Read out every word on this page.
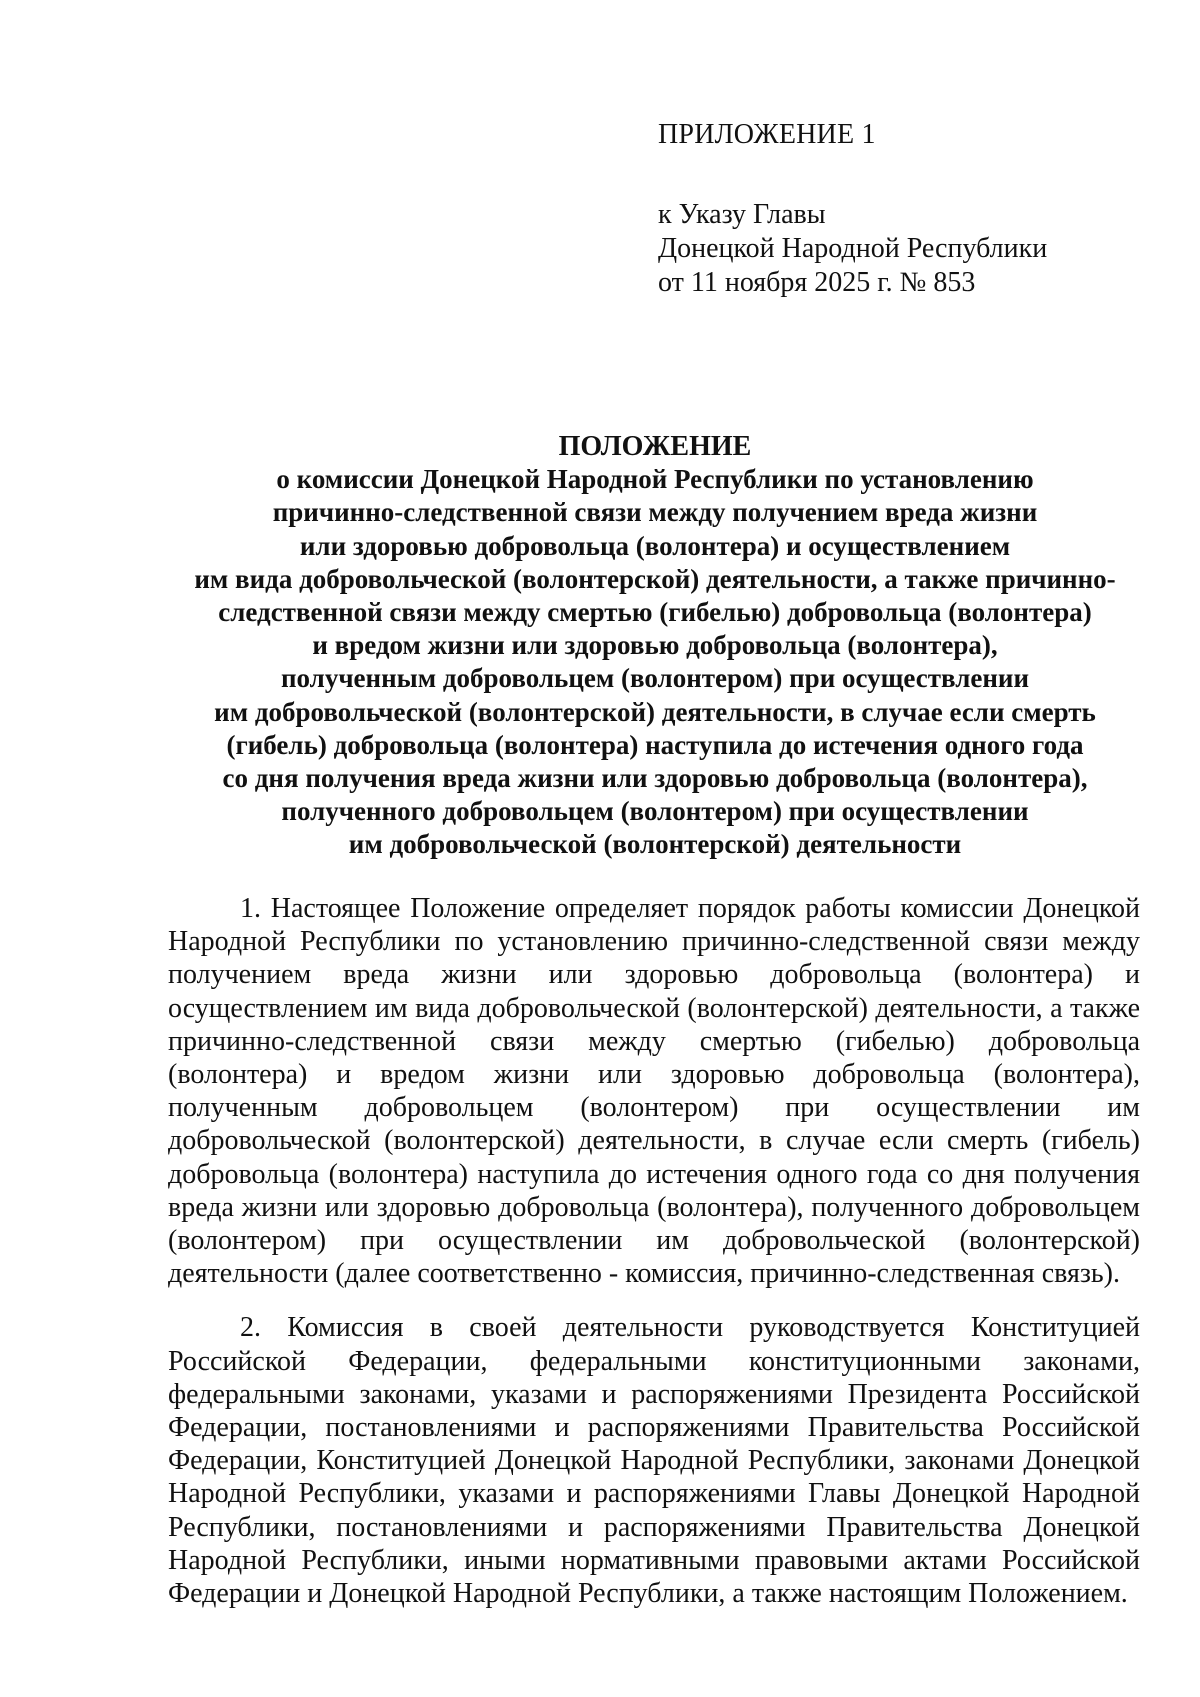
ПРИЛОЖЕНИЕ 1
к Указу Главы
Донецкой Народной Республики
от 11 ноября 2025 г. № 853
ПОЛОЖЕНИЕ
о комиссии Донецкой Народной Республики по установлению
причинно-следственной связи между получением вреда жизни
или здоровью добровольца (волонтера) и осуществлением
им вида добровольческой (волонтерской) деятельности, а также причинно-
следственной связи между смертью (гибелью) добровольца (волонтера)
и вредом жизни или здоровью добровольца (волонтера),
полученным добровольцем (волонтером) при осуществлении
им добровольческой (волонтерской) деятельности, в случае если смерть
(гибель) добровольца (волонтера) наступила до истечения одного года
со дня получения вреда жизни или здоровью добровольца (волонтера),
полученного добровольцем (волонтером) при осуществлении
им добровольческой (волонтерской) деятельности

1. Настоящее Положение определяет порядок работы комиссии Донецкой Народной Республики по установлению причинно-следственной связи между получением вреда жизни или здоровью добровольца (волонтера) и осуществлением им вида добровольческой (волонтерской) деятельности, а также причинно-следственной связи между смертью (гибелью) добровольца (волонтера) и вредом жизни или здоровью добровольца (волонтера), полученным добровольцем (волонтером) при осуществлении им добровольческой (волонтерской) деятельности, в случае если смерть (гибель) добровольца (волонтера) наступила до истечения одного года со дня получения вреда жизни или здоровью добровольца (волонтера), полученного добровольцем (волонтером) при осуществлении им добровольческой (волонтерской) деятельности (далее соответственно - комиссия, причинно-следственная связь).

2. Комиссия в своей деятельности руководствуется Конституцией Российской Федерации, федеральными конституционными законами, федеральными законами, указами и распоряжениями Президента Российской Федерации, постановлениями и распоряжениями Правительства Российской Федерации, Конституцией Донецкой Народной Республики, законами Донецкой Народной Республики, указами и распоряжениями Главы Донецкой Народной Республики, постановлениями и распоряжениями Правительства Донецкой Народной Республики, иными нормативными правовыми актами Российской Федерации и Донецкой Народной Республики, а также настоящим Положением.
